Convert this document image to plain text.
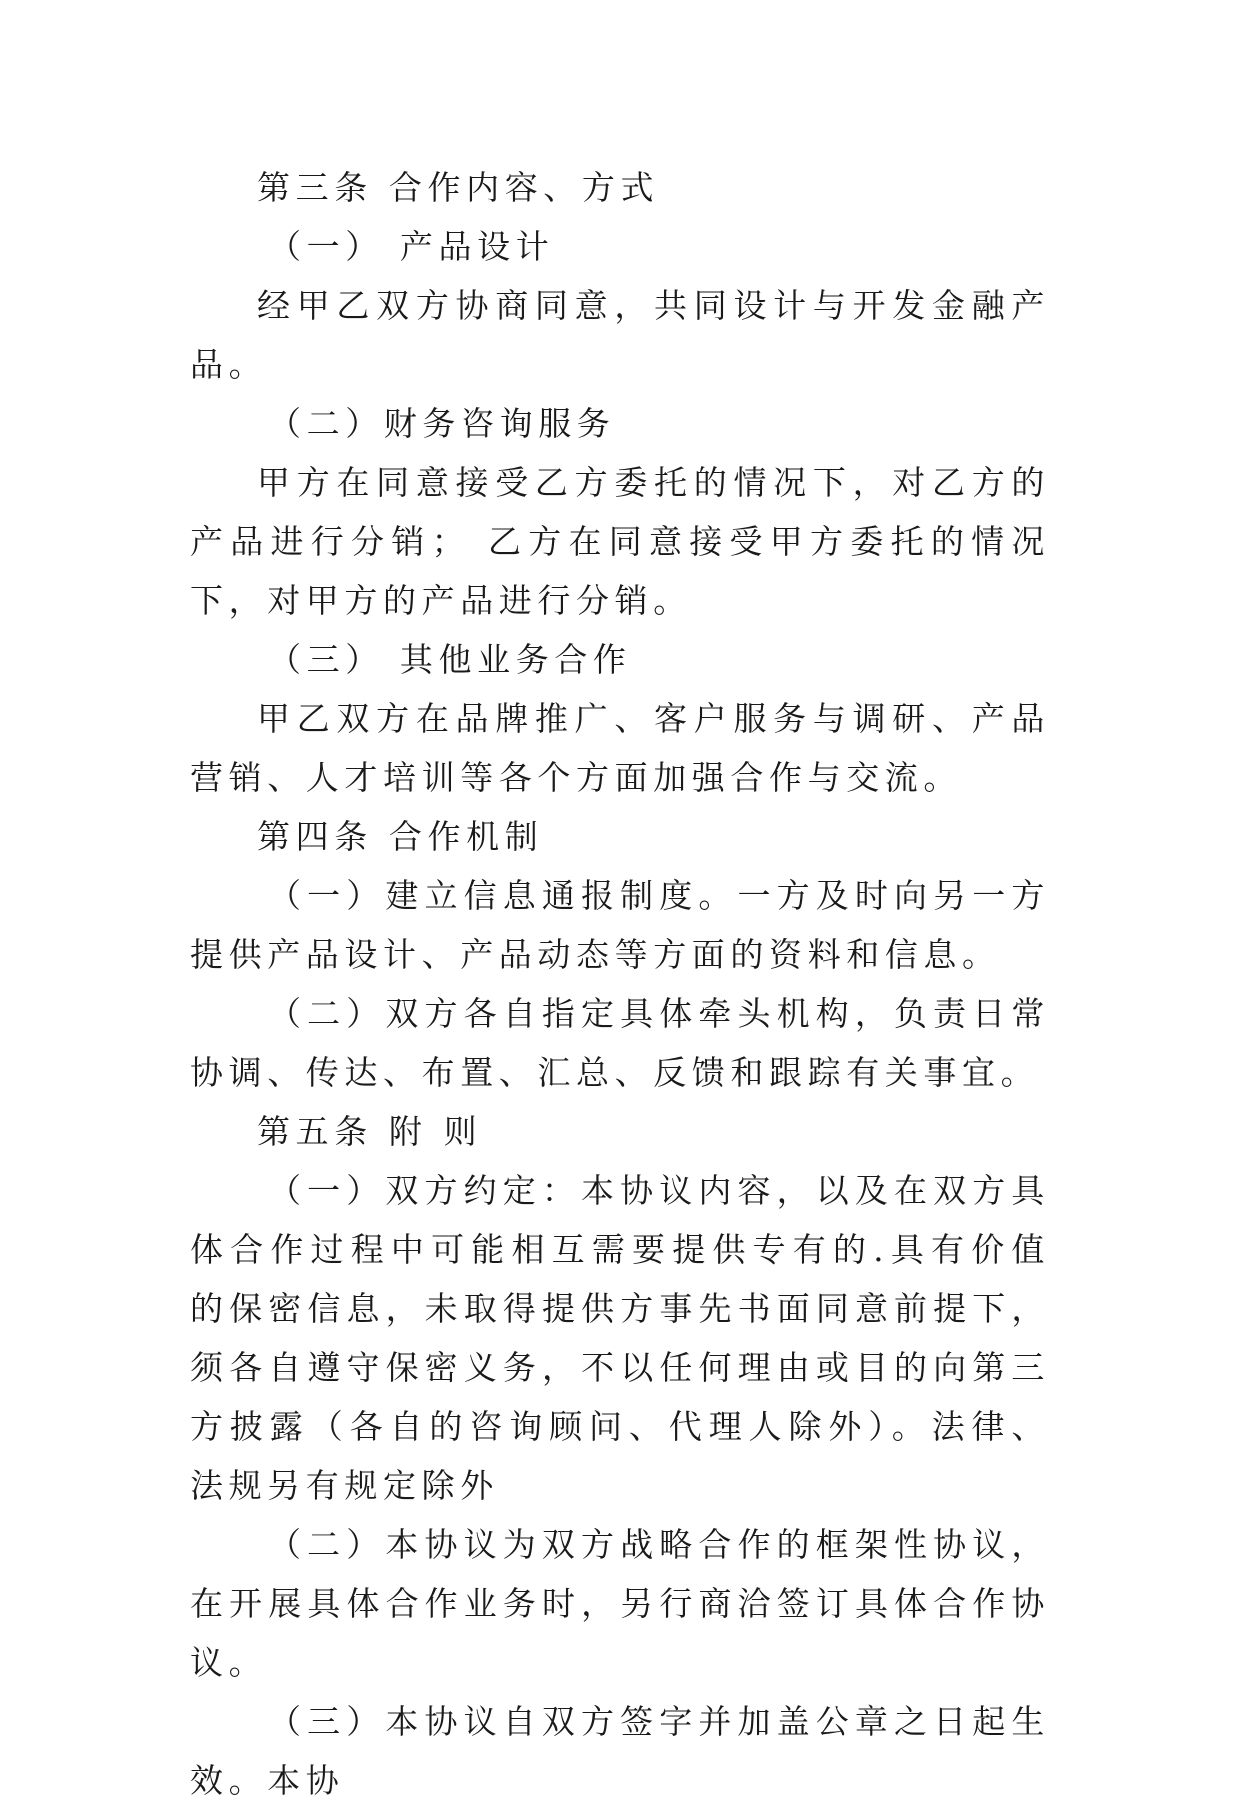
第三条 合作内容、方式

（一） 产品设计

经甲乙双方协商同意，共同设计与开发金融产品。

（二）财务咨询服务

甲方在同意接受乙方委托的情况下，对乙方的产品进行分销； 乙方在同意接受甲方委托的情况下，对甲方的产品进行分销。

（三） 其他业务合作

甲乙双方在品牌推广、客户服务与调研、产品营销、人才培训等各个方面加强合作与交流。

第四条 合作机制

（一）建立信息通报制度。一方及时向另一方提供产品设计、产品动态等方面的资料和信息。

（二）双方各自指定具体牵头机构，负责日常协调、传达、布置、汇总、反馈和跟踪有关事宜。

第五条 附 则

（一）双方约定：本协议内容，以及在双方具体合作过程中可能相互需要提供专有的.具有价值的保密信息，未取得提供方事先书面同意前提下，须各自遵守保密义务，不以任何理由或目的向第三方披露（各自的咨询顾问、代理人除外）。法律、法规另有规定除外

（二）本协议为双方战略合作的框架性协议，在开展具体合作业务时，另行商洽签订具体合作协议。

（三）本协议自双方签字并加盖公章之日起生效。本协
